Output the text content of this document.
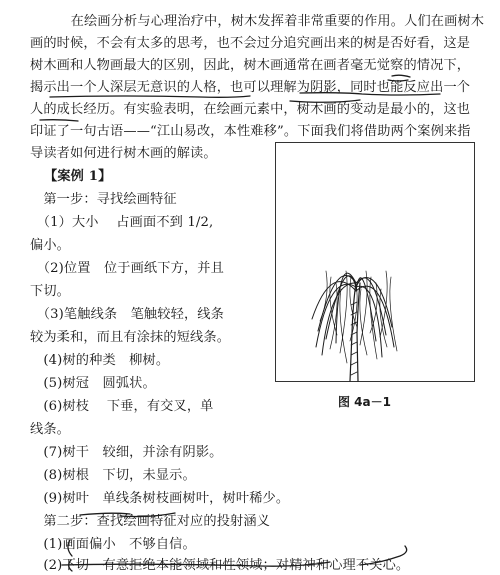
　　在绘画分析与心理治疗中，树木发挥着非常重要的作用。人们在画树木
画的时候，不会有太多的思考，也不会过分追究画出来的树是否好看，这是
树木画和人物画最大的区别，因此，树木画通常在画者毫无觉察的情况下，
揭示出一个人深层无意识的人格，也可以理解为阴影，同时也能反应出一个
人的成长经历。有实验表明，在绘画元素中，树木画的变动是最小的，这也
印证了一句古语——“江山易改，本性难移”。下面我们将借助两个案例来指
导读者如何进行树木画的解读。
【案例 1】
　第一步：寻找绘画特征
　（1）大小　 占画面不到 1/2,
偏小。
　（2)位置　位于画纸下方，并且
下切。
　（3)笔触线条　笔触较轻，线条
较为柔和，而且有涂抹的短线条。
　(4)树的种类　柳树。
　(5)树冠　圆弧状。
　(6)树枝　 下垂，有交叉，单
线条。
　(7)树干　较细，并涂有阴影。
　(8)树根　下切，未显示。
　(9)树叶　单线条树枝画树叶，树叶稀少。
　第二步：查找绘画特征对应的投射涵义
　(1)画面偏小　不够自信。
　(2)下切　有意拒绝本能领域和性领域；对精神和心理不关心。
图 4a－1
